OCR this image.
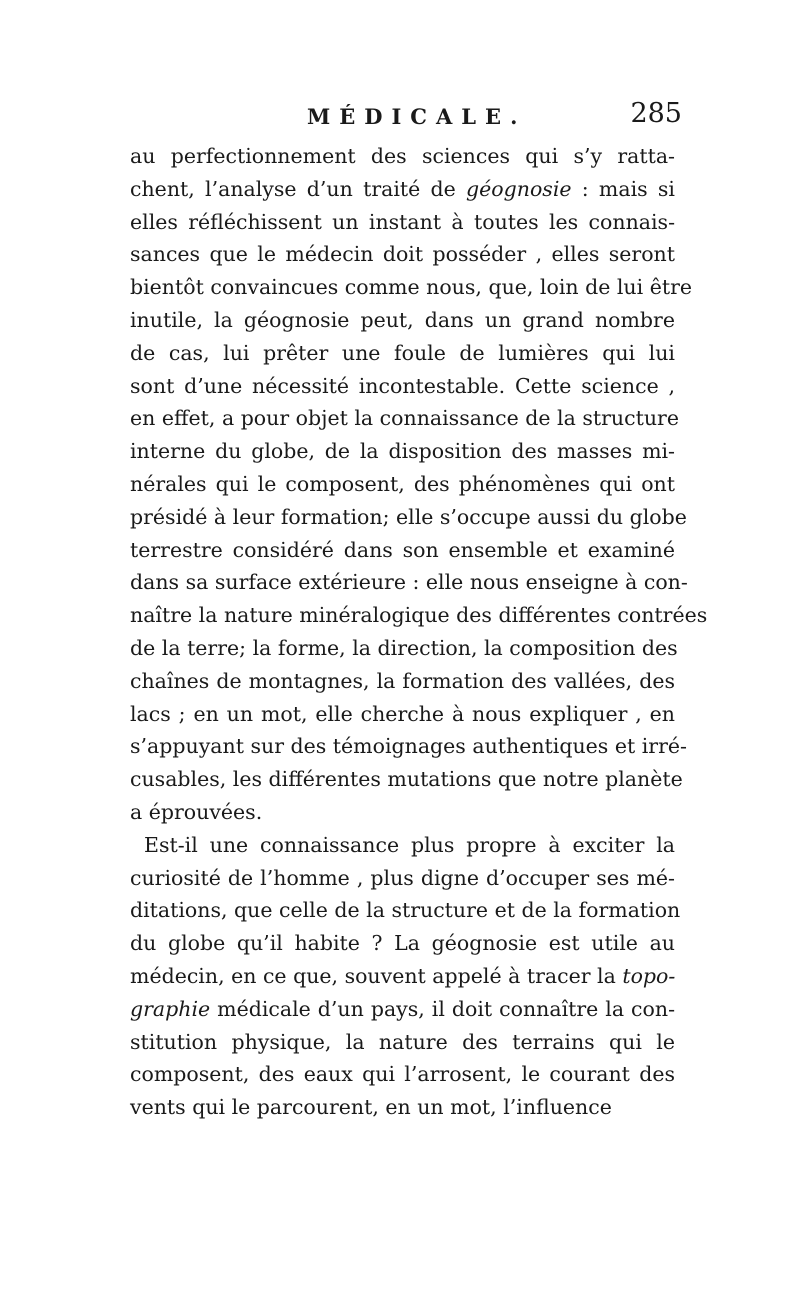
MÉDICALE.	285
au perfectionnement des sciences qui s’y ratta-
chent, l’analyse d’un traité de géognosie : mais si
elles réfléchissent un instant à toutes les connais-
sances que le médecin doit posséder , elles seront
bientôt convaincues comme nous, que, loin de lui être
inutile, la géognosie peut, dans un grand nombre
de cas, lui prêter une foule de lumières qui lui
sont d’une nécessité incontestable. Cette science ,
en effet, a pour objet la connaissance de la structure
interne du globe, de la disposition des masses mi-
nérales qui le composent, des phénomènes qui ont
présidé à leur formation; elle s’occupe aussi du globe
terrestre considéré dans son ensemble et examiné
dans sa surface extérieure : elle nous enseigne à con-
naître la nature minéralogique des différentes contrées
de la terre; la forme, la direction, la composition des
chaînes de montagnes, la formation des vallées, des
lacs ; en un mot, elle cherche à nous expliquer , en
s’appuyant sur des témoignages authentiques et irré-
cusables, les différentes mutations que notre planète
a éprouvées.
Est-il une connaissance plus propre à exciter la
curiosité de l’homme , plus digne d’occuper ses mé-
ditations, que celle de la structure et de la formation
du globe qu’il habite ? La géognosie est utile au
médecin, en ce que, souvent appelé à tracer la topo-
graphie médicale d’un pays, il doit connaître la con-
stitution physique, la nature des terrains qui le
composent, des eaux qui l’arrosent, le courant des
vents qui le parcourent, en un mot, l’influence
